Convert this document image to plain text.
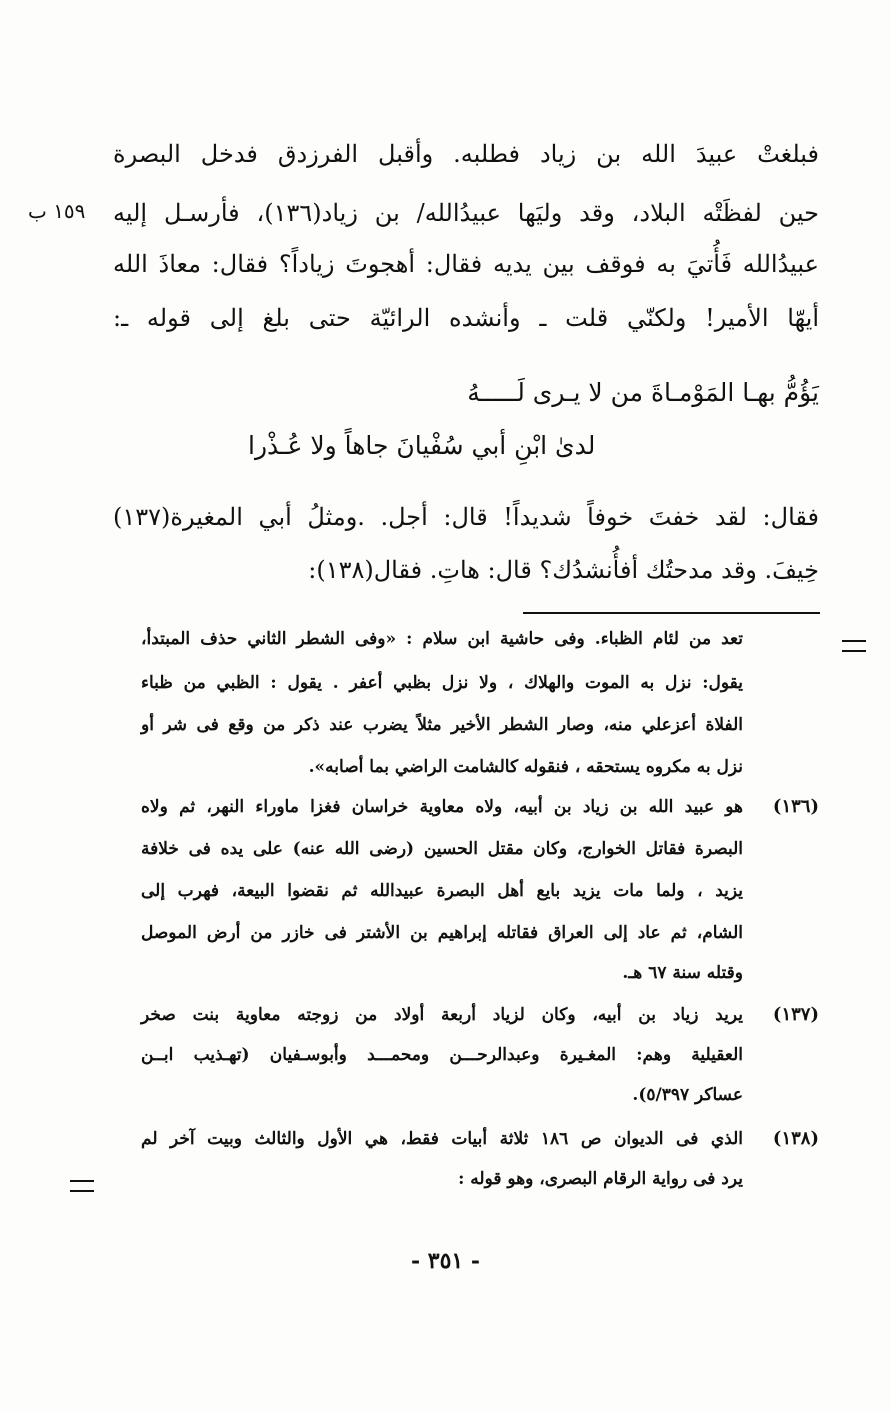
فبلغتْ عبيدَ الله بن زياد فطلبه. وأقبل الفرزدق فدخل البصرة
حين لفظَتْه البلاد، وقد وليَها عبيدُالله/ بن زياد(١٣٦)، فأرسـل إليه
عبيدُالله فَأُتيَ به فوقف بين يديه فقال: أهجوتَ زياداً؟ فقال: معاذَ الله
أيهّا الأمير! ولكنّي قلت ـ وأنشده الرائيّة حتى بلغ إلى قوله ـ:
١٥٩ ب
يَؤُمُّ بهـا المَوْمـاةَ من لا يـرى لَـــــهُ
لدىٰ ابْنِ أبي سُفْيانَ جاهاً ولا عُـذْرا
فقال: لقد خفتَ خوفاً شديداً! قال: أجل. .ومثلُ أبي المغيرة(١٣٧)
خِيفَ. وقد مدحتُك أفأُنشدُك؟ قال: هاتِ. فقال(١٣٨):
تعد من لئام الظباء. وفى حاشية ابن سلام : «وفى الشطر الثاني حذف المبتدأ،
يقول: نزل به الموت والهلاك ، ولا نزل بظبي أعفر . يقول : الظبي من ظباء
الفلاة أعزعلي منه، وصار الشطر الأخير مثلاً يضرب عند ذكر من وقع فى شر أو
نزل به مكروه يستحقه ، فنقوله كالشامت الراضي بما أصابه».
(١٣٦)
هو عبيد الله بن زياد بن أبيه، ولاه معاوية خراسان فغزا ماوراء النهر، ثم ولاه
البصرة فقاتل الخوارج، وكان مقتل الحسين (رضى الله عنه) على يده فى خلافة
يزيد ، ولما مات يزيد بايع أهل البصرة عبيدالله ثم نقضوا البيعة، فهرب إلى
الشام، ثم عاد إلى العراق فقاتله إبراهيم بن الأشتر فى خازر من أرض الموصل
وقتله سنة ٦٧ هـ.
(١٣٧)
يريد زياد بن أبيه، وكان لزياد أربعة أولاد من زوجته معاوية بنت صخر
العقيلية وهم: المغـيرة وعبدالرحـــن ومحمـــد وأبوسـفيان (تهـذيب ابــن
عساكر ٥/٣٩٧).
(١٣٨)
الذي فى الديوان ص ١٨٦ ثلاثة أبيات فقط، هي الأول والثالث وبيت آخر لم
يرد فى رواية الرقام البصرى، وهو قوله :
- ٣٥١ -
